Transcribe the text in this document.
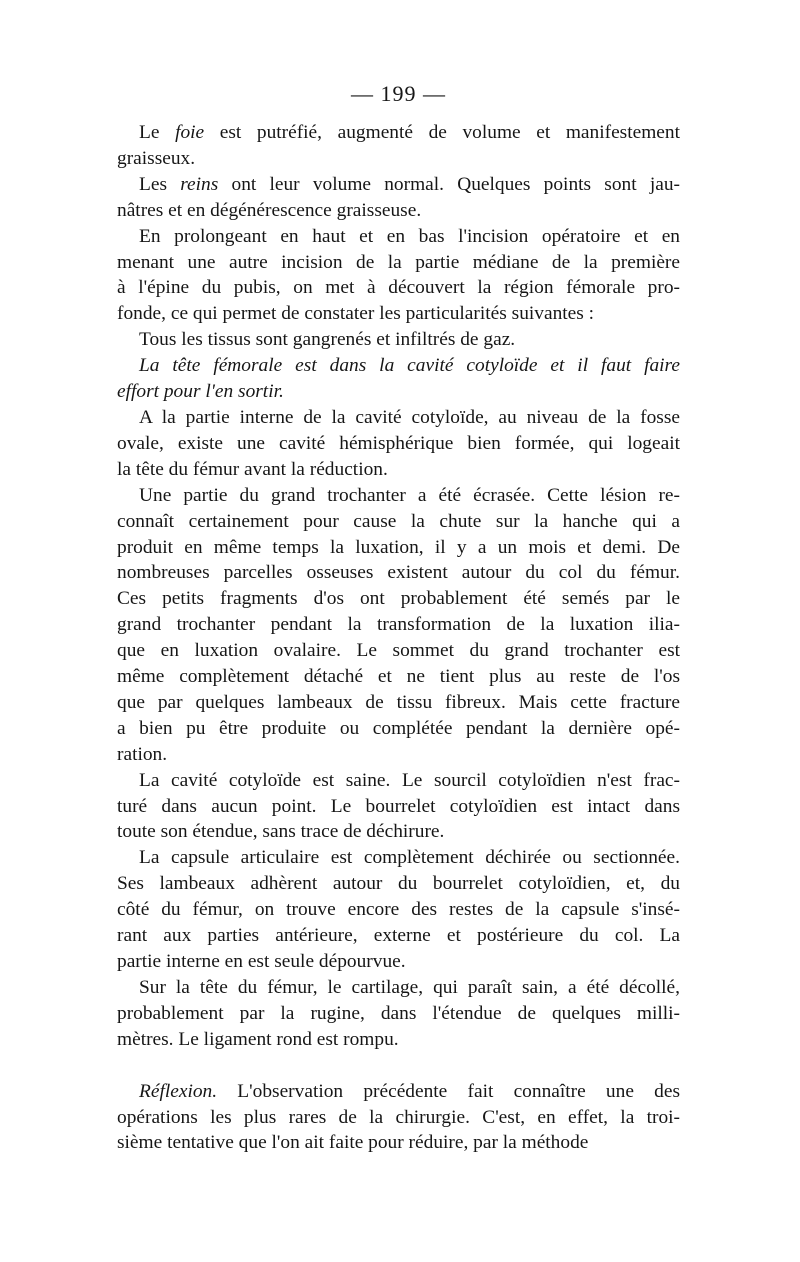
— 199 —

Le foie est putréfié, augmenté de volume et manifestement
graisseux.

Les reins ont leur volume normal. Quelques points sont jau-
nâtres et en dégénérescence graisseuse.

En prolongeant en haut et en bas l'incision opératoire et en
menant une autre incision de la partie médiane de la première
à l'épine du pubis, on met à découvert la région fémorale pro-
fonde, ce qui permet de constater les particularités suivantes :

Tous les tissus sont gangrenés et infiltrés de gaz.

La tête fémorale est dans la cavité cotyloïde et il faut faire
effort pour l'en sortir.

A la partie interne de la cavité cotyloïde, au niveau de la fosse
ovale, existe une cavité hémisphérique bien formée, qui logeait
la tête du fémur avant la réduction.

Une partie du grand trochanter a été écrasée. Cette lésion re-
connaît certainement pour cause la chute sur la hanche qui a
produit en même temps la luxation, il y a un mois et demi. De
nombreuses parcelles osseuses existent autour du col du fémur.
Ces petits fragments d'os ont probablement été semés par le
grand trochanter pendant la transformation de la luxation ilia-
que en luxation ovalaire. Le sommet du grand trochanter est
même complètement détaché et ne tient plus au reste de l'os
que par quelques lambeaux de tissu fibreux. Mais cette fracture
a bien pu être produite ou complétée pendant la dernière opé-
ration.

La cavité cotyloïde est saine. Le sourcil cotyloïdien n'est frac-
turé dans aucun point. Le bourrelet cotyloïdien est intact dans
toute son étendue, sans trace de déchirure.

La capsule articulaire est complètement déchirée ou sectionnée.
Ses lambeaux adhèrent autour du bourrelet cotyloïdien, et, du
côté du fémur, on trouve encore des restes de la capsule s'insé-
rant aux parties antérieure, externe et postérieure du col. La
partie interne en est seule dépourvue.

Sur la tête du fémur, le cartilage, qui paraît sain, a été décollé,
probablement par la rugine, dans l'étendue de quelques milli-
mètres. Le ligament rond est rompu.

Réflexion. L'observation précédente fait connaître une des
opérations les plus rares de la chirurgie. C'est, en effet, la troi-
sième tentative que l'on ait faite pour réduire, par la méthode
